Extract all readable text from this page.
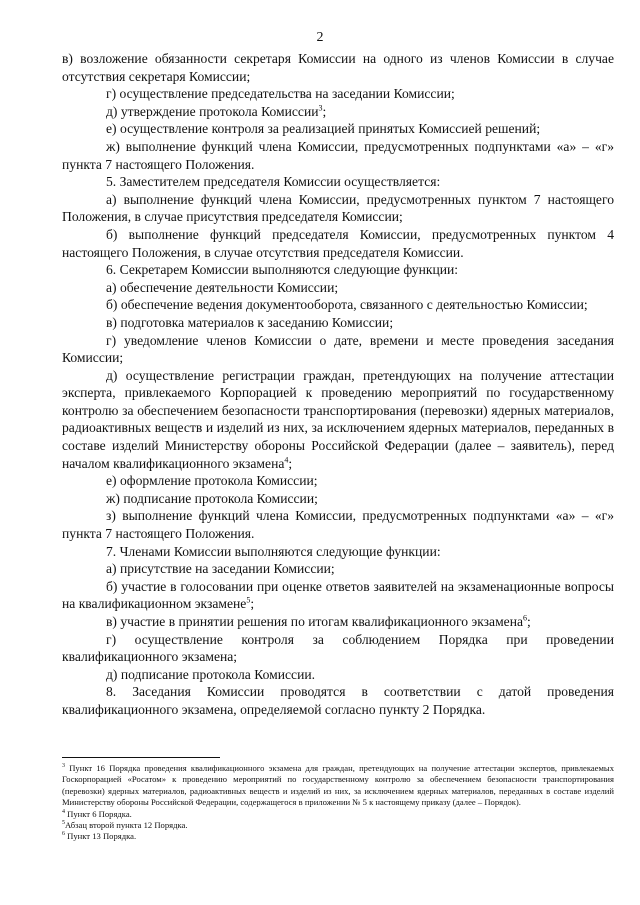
2

в) возложение обязанности секретаря Комиссии на одного из членов Комиссии в случае отсутствия секретаря Комиссии;

г) осуществление председательства на заседании Комиссии;

д) утверждение протокола Комиссии$^3$;

е) осуществление контроля за реализацией принятых Комиссией решений;

ж) выполнение функций члена Комиссии, предусмотренных подпунктами «а» – «г» пункта 7 настоящего Положения.

5. Заместителем председателя Комиссии осуществляется:

а) выполнение функций члена Комиссии, предусмотренных пунктом 7 настоящего Положения, в случае присутствия председателя Комиссии;

б) выполнение функций председателя Комиссии, предусмотренных пунктом 4 настоящего Положения, в случае отсутствия председателя Комиссии.

6. Секретарем Комиссии выполняются следующие функции:

а) обеспечение деятельности Комиссии;

б) обеспечение ведения документооборота, связанного с деятельностью Комиссии;

в) подготовка материалов к заседанию Комиссии;

г) уведомление членов Комиссии о дате, времени и месте проведения заседания Комиссии;

д) осуществление регистрации граждан, претендующих на получение аттестации эксперта, привлекаемого Корпорацией к проведению мероприятий по государственному контролю за обеспечением безопасности транспортирования (перевозки) ядерных материалов, радиоактивных веществ и изделий из них, за исключением ядерных материалов, переданных в составе изделий Министерству обороны Российской Федерации (далее – заявитель), перед началом квалификационного экзамена$^4$;

е) оформление протокола Комиссии;

ж) подписание протокола Комиссии;

з) выполнение функций члена Комиссии, предусмотренных подпунктами «а» – «г» пункта 7 настоящего Положения.

7. Членами Комиссии выполняются следующие функции:

а) присутствие на заседании Комиссии;

б) участие в голосовании при оценке ответов заявителей на экзаменационные вопросы на квалификационном экзамене$^5$;

в) участие в принятии решения по итогам квалификационного экзамена$^6$;

г) осуществление контроля за соблюдением Порядка при проведении квалификационного экзамена;

д) подписание протокола Комиссии.

8. Заседания Комиссии проводятся в соответствии с датой проведения квалификационного экзамена, определяемой согласно пункту 2 Порядка.

$^3$ Пункт 16 Порядка проведения квалификационного экзамена для граждан, претендующих на получение аттестации экспертов, привлекаемых Госкорпорацией «Росатом» к проведению мероприятий по государственному контролю за обеспечением безопасности транспортирования (перевозки) ядерных материалов, радиоактивных веществ и изделий из них, за исключением ядерных материалов, переданных в составе изделий Министерству обороны Российской Федерации, содержащегося в приложении № 5 к настоящему приказу (далее – Порядок).

$^4$ Пункт 6 Порядка.

$^5$Абзац второй пункта 12 Порядка.

$^6$ Пункт 13 Порядка.
